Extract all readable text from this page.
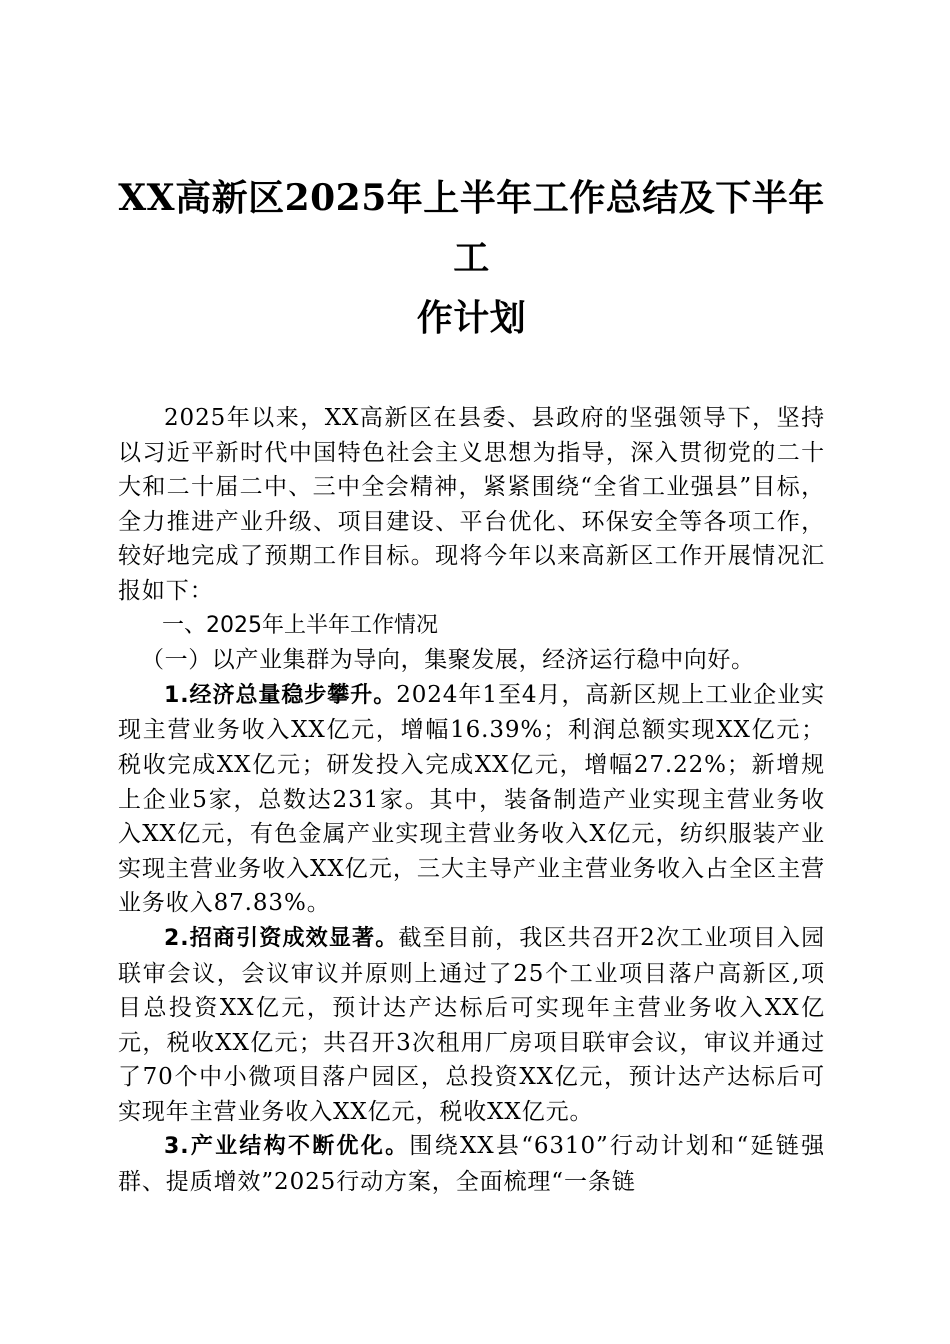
XX高新区2025年上半年工作总结及下半年工
作计划

2025年以来，XX高新区在县委、县政府的坚强领导下，坚持以习近平新时代中国特色社会主义思想为指导，深入贯彻党的二十大和二十届二中、三中全会精神，紧紧围绕“全省工业强县”目标，全力推进产业升级、项目建设、平台优化、环保安全等各项工作，较好地完成了预期工作目标。现将今年以来高新区工作开展情况汇报如下：

一、2025年上半年工作情况

（一）以产业集群为导向，集聚发展，经济运行稳中向好。

1.经济总量稳步攀升。2024年1至4月，高新区规上工业企业实现主营业务收入XX亿元，增幅16.39%；利润总额实现XX亿元；税收完成XX亿元；研发投入完成XX亿元，增幅27.22%；新增规上企业5家，总数达231家。其中，装备制造产业实现主营业务收入XX亿元，有色金属产业实现主营业务收入X亿元，纺织服装产业实现主营业务收入XX亿元，三大主导产业主营业务收入占全区主营业务收入87.83%。

2.招商引资成效显著。截至目前，我区共召开2次工业项目入园联审会议，会议审议并原则上通过了25个工业项目落户高新区,项目总投资XX亿元，预计达产达标后可实现年主营业务收入XX亿元，税收XX亿元；共召开3次租用厂房项目联审会议，审议并通过了70个中小微项目落户园区，总投资XX亿元，预计达产达标后可实现年主营业务收入XX亿元，税收XX亿元。

3.产业结构不断优化。围绕XX县“6310”行动计划和“延链强群、提质增效”2025行动方案，全面梳理“一条链
